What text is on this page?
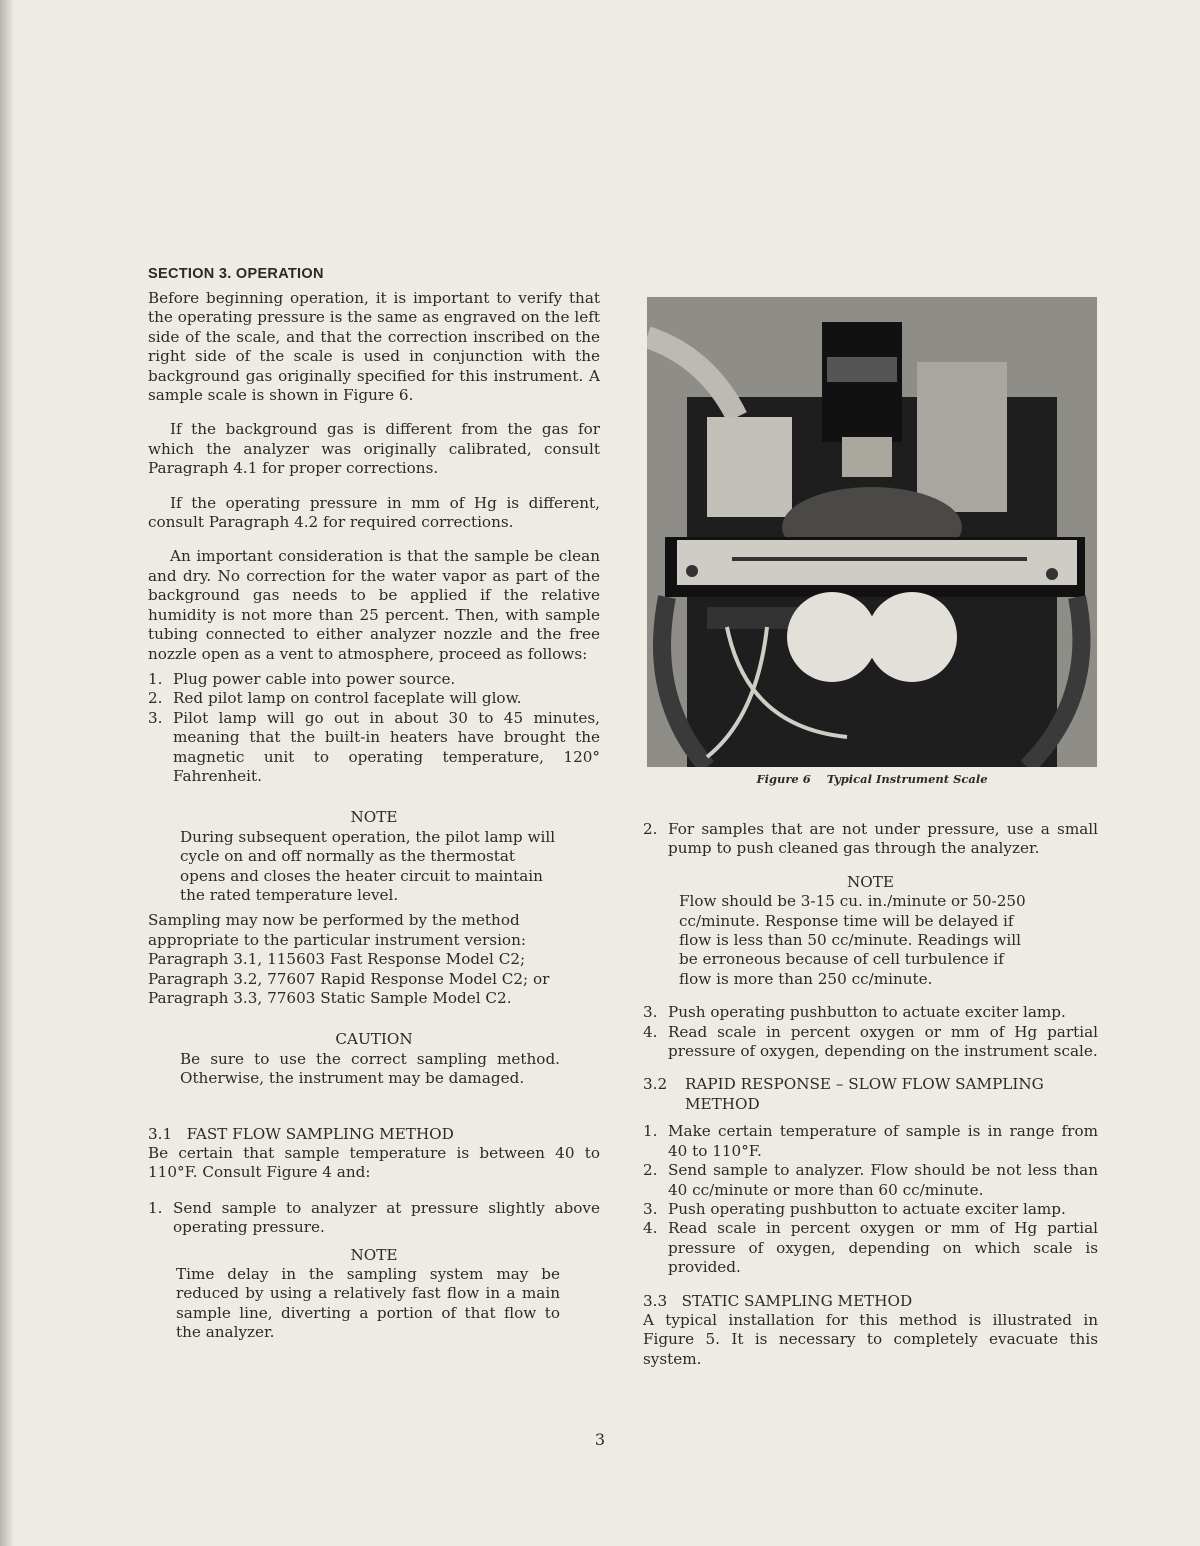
SECTION 3. OPERATION

Before beginning operation, it is important to verify that the operating pressure is the same as engraved on the left side of the scale, and that the correction inscribed on the right side of the scale is used in conjunction with the background gas originally specified for this instrument. A sample scale is shown in Figure 6.

If the background gas is different from the gas for which the analyzer was originally calibrated, consult Paragraph 4.1 for proper corrections.

If the operating pressure in mm of Hg is different, consult Paragraph 4.2 for required corrections.

An important consideration is that the sample be clean and dry. No correction for the water vapor as part of the background gas needs to be applied if the relative humidity is not more than 25 percent. Then, with sample tubing connected to either analyzer nozzle and the free nozzle open as a vent to atmosphere, proceed as follows:

1. Plug power cable into power source.
2. Red pilot lamp on control faceplate will glow.
3. Pilot lamp will go out in about 30 to 45 minutes, meaning that the built-in heaters have brought the magnetic unit to operating temperature, 120° Fahrenheit.

NOTE

During subsequent operation, the pilot lamp will cycle on and off normally as the thermostat opens and closes the heater circuit to maintain the rated temperature level.

Sampling may now be performed by the method appropriate to the particular instrument version: Paragraph 3.1, 115603 Fast Response Model C2; Paragraph 3.2, 77607 Rapid Response Model C2; or Paragraph 3.3, 77603 Static Sample Model C2.

CAUTION

Be sure to use the correct sampling method. Otherwise, the instrument may be damaged.

3.1   FAST FLOW SAMPLING METHOD

Be certain that sample temperature is between 40 to 110°F. Consult Figure 4 and:

1. Send sample to analyzer at pressure slightly above operating pressure.

NOTE

Time delay in the sampling system may be reduced by using a relatively fast flow in a main sample line, diverting a portion of that flow to the analyzer.

Figure 6    Typical Instrument Scale
2. For samples that are not under pressure, use a small pump to push cleaned gas through the analyzer.

NOTE

Flow should be 3-15 cu. in./minute or 50-250 cc/minute. Response time will be delayed if flow is less than 50 cc/minute. Readings will be erroneous because of cell turbulence if flow is more than 250 cc/minute.

3. Push operating pushbutton to actuate exciter lamp.
4. Read scale in percent oxygen or mm of Hg partial pressure of oxygen, depending on the instrument scale.
3.2	RAPID RESPONSE – SLOW FLOW SAMPLING METHOD
1. Make certain temperature of sample is in range from 40 to 110°F.
2. Send sample to analyzer. Flow should be not less than 40 cc/minute or more than 60 cc/minute.
3. Push operating pushbutton to actuate exciter lamp.
4. Read scale in percent oxygen or mm of Hg partial pressure of oxygen, depending on which scale is provided.

3.3   STATIC SAMPLING METHOD

A typical installation for this method is illustrated in Figure 5. It is necessary to completely evacuate this system.

3
